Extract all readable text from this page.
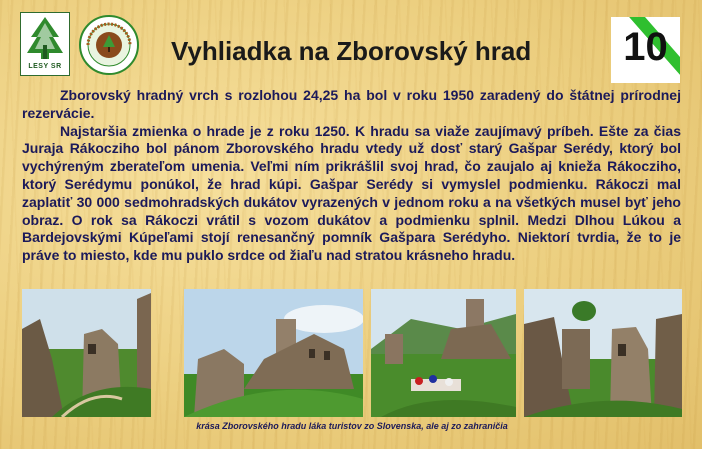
LESY SR
Vyhliadka na Zborovský hrad	10

Zborovský hradný vrch s rozlohou 24,25 ha bol v roku 1950 zaradený do štátnej prírodnej rezervácie.

Najstaršia zmienka o hrade je z roku 1250. K hradu sa viaže zaujímavý príbeh. Ešte za čias Juraja Rákocziho bol pánom Zborovského hradu vtedy už dosť starý Gašpar Serédy, ktorý bol vychýreným zberateľom umenia. Veľmi ním prikrášlil svoj hrad, čo zaujalo aj knieža Rákocziho, ktorý Serédymu ponúkol, že hrad kúpi. Gašpar Serédy si vymyslel podmienku. Rákoczi mal zaplatiť 30 000 sedmohradských dukátov vyrazených v jednom roku a na všetkých musel byť jeho obraz. O rok sa Rákoczi vrátil s vozom dukátov a podmienku splnil. Medzi Dlhou Lúkou a Bardejovskými Kúpeľami stojí renesančný pomník Gašpara Serédyho. Niektorí tvrdia, že to je práve to miesto, kde mu puklo srdce od žiaľu nad stratou krásneho hradu.

krása Zborovského hradu láka turistov zo Slovenska, ale aj zo zahraničia
